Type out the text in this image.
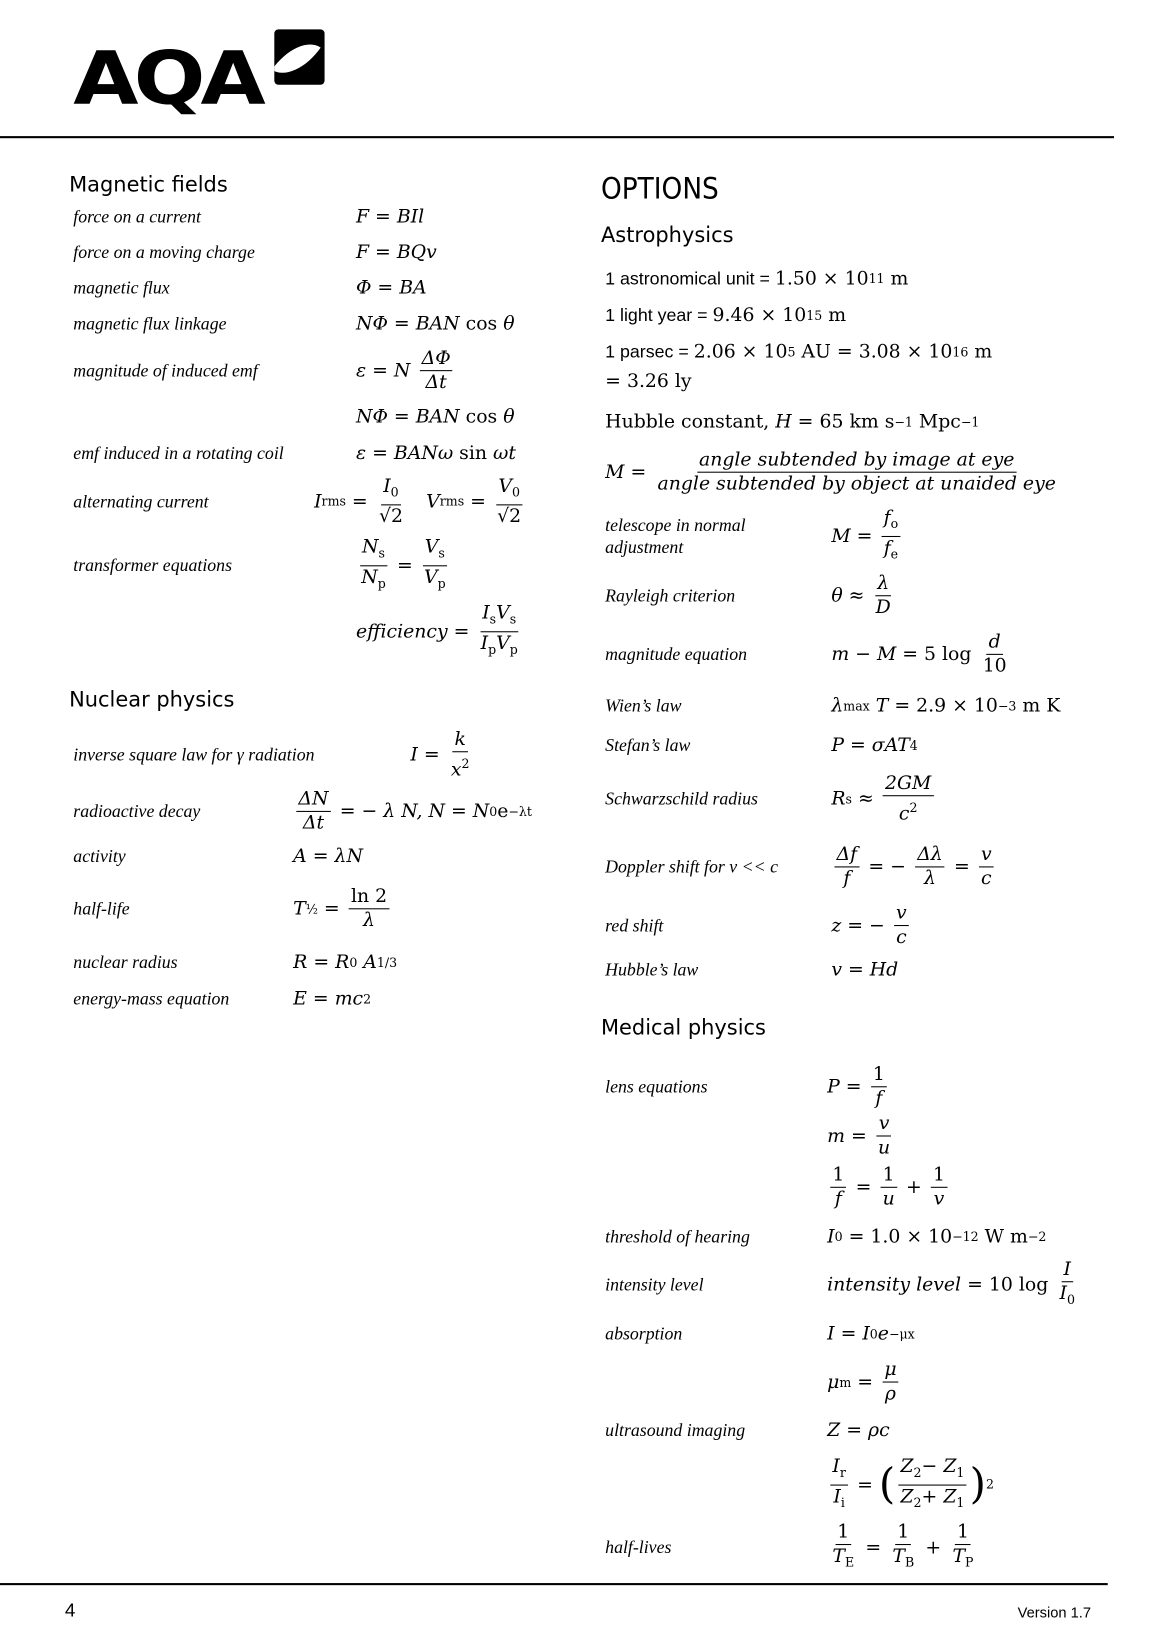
AQA
Magnetic fields
Nuclear physics
OPTIONS
Astrophysics
Medical physics
force on a current	F = BIl
force on a moving charge	F = BQv
magnetic flux	Φ = BA
magnetic flux linkage	NΦ = BAN cos θ
magnitude of induced emf	ε = N $\frac{\Delta\Phi}{\Delta t}$
NΦ = BAN cos θ
emf induced in a rotating coil	ε = BANω sin ωt
alternating current	I rms = $\frac{I_0}{√2}$ V rms = $\frac{V_0}{√2}$
transformer equations	$\frac{N_s}{N_p} = \frac{V_s}{V_p}$
efficiency =
$I_sV_s$
$I_pV_p$
inverse square law for γ radiation	$I = \frac{k}{x^2}$
radioactive decay	$\frac{\Delta N}{\Delta t}$ = − λ N, N = N 0 e −λt
activity	A = λN
half-life	T ½ = $\frac{\ln 2}{\lambda}$
nuclear radius	R = R 0 A 1/3
energy-mass equation	E = mc 2
1 astronomical unit = 1.50 × 10 11 m
1 light year = 9.46 × 10 15 m
1 parsec = 2.06 × 10 5 AU = 3.08 × 10 16 m
= 3.26 ly
Hubble constant, H = 65 km s −1 Mpc −1
M =
angle subtended by image at eye
angle subtended by object at unaided eye
telescope in normal
adjustment	$M = \frac{f_o}{f_e}$
Rayleigh criterion	$\theta \approx \frac{\lambda}{D}$
magnitude equation	m − M = 5 $\log \frac{d}{10}$
Wien’s law	λ max T = 2.9 × 10 −3 m K
Stefan’s law	P = σAT 4
Schwarzschild radius	R $s \approx \frac{2GM}{c^2}$
Doppler shift for v << c	$\frac{\Delta f}{f}$ = − $\frac{\Delta\lambda}{\lambda} = \frac{v}{c}$
red shift	z = − $\frac{v}{c}$
Hubble’s law	v = Hd
lens equations	$P = \frac{1}{f}$
$m = \frac{v}{u}$
$\frac{1}{f} = \frac{1}{u} + \frac{1}{v}$
threshold of hearing	I 0 = 1.0 × 10 −12 W m −2
intensity level	intensity level = 10 $\log \frac{I}{I_0}$
absorption	I = I 0 e −μx
μ $m = \frac{\mu}{\rho}$
ultrasound imaging	Z = ρc
$\frac{I_r}{I_i}$ = ( $\frac{Z_2- Z_1}{Z_2+ Z_1}$ ) 2
half-lives	$\frac{1}{T_E} = \frac{1}{T_B} + \frac{1}{T_P}$
4	Version 1.7
